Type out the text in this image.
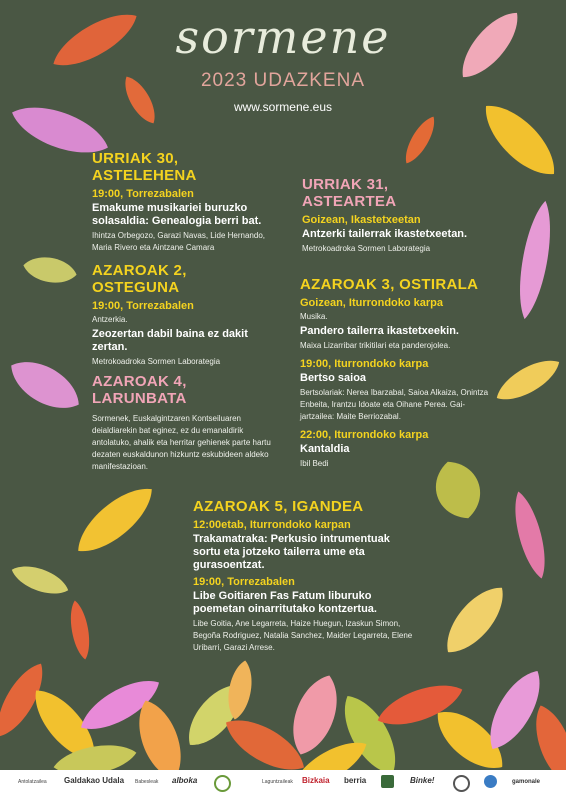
sormene
2023 UDAZKENA
www.sormene.eus
URRIAK 30, ASTELEHENA
19:00, Torrezabalen
Emakume musikariei buruzko solasaldia: Genealogia berri bat.
Ihintza Orbegozo, Garazi Navas, Lide Hernando, Maria Rivero eta Aintzane Camara
URRIAK 31, ASTEARTEA
Goizean, Ikastetxeetan
Antzerki tailerrak ikastetxeetan.
Metrokoadroka Sormen Laborategia
AZAROAK 2, OSTEGUNA
19:00, Torrezabalen
Antzerkia.
Zeozertan dabil baina ez dakit zertan.
Metrokoadroka Sormen Laborategia
AZAROAK 3, OSTIRALA
Goizean, Iturrondoko karpa
Musika.
Pandero tailerra ikastetxeekin.
Maixa Lizarribar trikitilari eta panderojolea.
19:00, Iturrondoko karpa
Bertso saioa
Bertsolariak: Nerea Ibarzabal, Saioa Alkaiza, Onintza Enbeita, Irantzu Idoate eta Oihane Perea. Gai-jartzailea: Maite Berriozabal.
22:00, Iturrondoko karpa
Kantaldia
Ibil Bedi
AZAROAK 4, LARUNBATA
Sormenek, Euskalgintzaren Kontseiluaren deialdiarekin bat eginez, ez du emanaldirik antolatuko, ahalik eta herritar gehienek parte hartu dezaten euskaldunon hizkuntz eskubideen aldeko manifestazioan.
AZAROAK 5, IGANDEA
12:00etab, Iturrondoko karpan
Trakamatraka: Perkusio intrumentuak sortu eta jotzeko tailerra ume eta gurasoentzat.
19:00, Torrezabalen
Libe Goitiaren Fas Fatum liburuko poemetan oinarritutako kontzertua.
Libe Goitia, Ane Legarreta, Haize Huegun, Izaskun Simon, Begoña Rodriguez, Natalia Sanchez, Maider Legarreta, Elene Uribarri, Garazi Arrese.
Antolatzailea Galdakao Udala Babesleak alboka	Laguntzaileak Bizkaia berria	Binke!	gamonale
